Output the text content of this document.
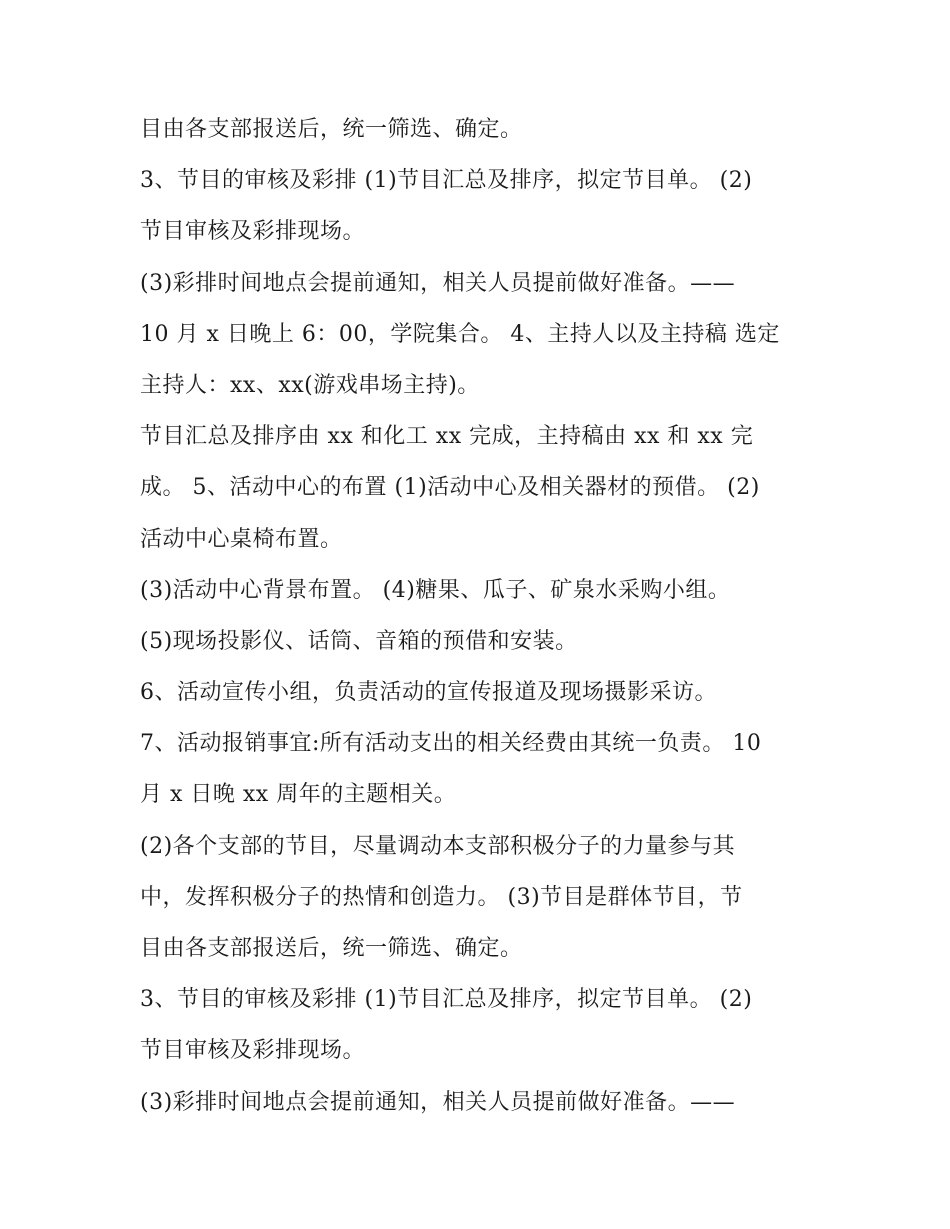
目由各支部报送后，统一筛选、确定。
3、节目的审核及彩排 (1)节目汇总及排序，拟定节目单。 (2)
节目审核及彩排现场。
(3)彩排时间地点会提前通知，相关人员提前做好准备。——
10 月 x 日晚上 6：00，学院集合。 4、主持人以及主持稿 选定
主持人：xx、xx(游戏串场主持)。
节目汇总及排序由 xx 和化工 xx 完成，主持稿由 xx 和 xx 完
成。 5、活动中心的布置 (1)活动中心及相关器材的预借。 (2)
活动中心桌椅布置。
(3)活动中心背景布置。 (4)糖果、瓜子、矿泉水采购小组。
(5)现场投影仪、话筒、音箱的预借和安装。
6、活动宣传小组，负责活动的宣传报道及现场摄影采访。
7、活动报销事宜:所有活动支出的相关经费由其统一负责。 10
月 x 日晚 xx 周年的主题相关。
(2)各个支部的节目，尽量调动本支部积极分子的力量参与其
中，发挥积极分子的热情和创造力。 (3)节目是群体节目，节
目由各支部报送后，统一筛选、确定。
3、节目的审核及彩排 (1)节目汇总及排序，拟定节目单。 (2)
节目审核及彩排现场。
(3)彩排时间地点会提前通知，相关人员提前做好准备。——
